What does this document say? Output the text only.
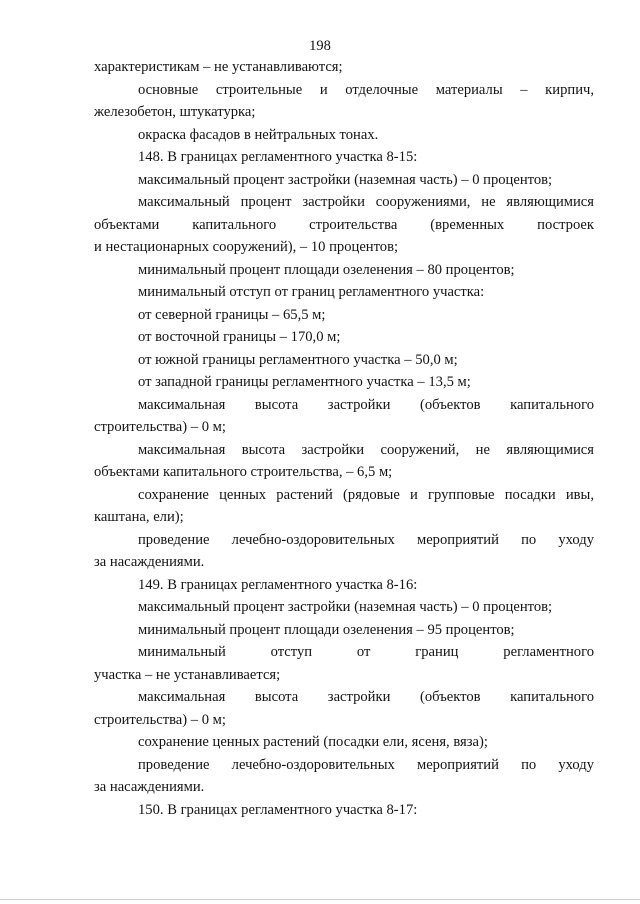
198
характеристикам – не устанавливаются;
основные строительные и отделочные материалы – кирпич,
железобетон, штукатурка;
окраска фасадов в нейтральных тонах.
148. В границах регламентного участка 8-15:
максимальный процент застройки (наземная часть) – 0 процентов;
максимальный процент застройки сооружениями, не являющимися
объектами капитального строительства (временных построек
и нестационарных сооружений), – 10 процентов;
минимальный процент площади озеленения – 80 процентов;
минимальный отступ от границ регламентного участка:
от северной границы – 65,5 м;
от восточной границы – 170,0 м;
от южной границы регламентного участка – 50,0 м;
от западной границы регламентного участка – 13,5 м;
максимальная высота застройки (объектов капитального
строительства) – 0 м;
максимальная высота застройки сооружений, не являющимися
объектами капитального строительства, – 6,5 м;
сохранение ценных растений (рядовые и групповые посадки ивы,
каштана, ели);
проведение лечебно-оздоровительных мероприятий по уходу
за насаждениями.
149. В границах регламентного участка 8-16:
максимальный процент застройки (наземная часть) – 0 процентов;
минимальный процент площади озеленения – 95 процентов;
минимальный отступ от границ регламентного
участка – не устанавливается;
максимальная высота застройки (объектов капитального
строительства) – 0 м;
сохранение ценных растений (посадки ели, ясеня, вяза);
проведение лечебно-оздоровительных мероприятий по уходу
за насаждениями.
150. В границах регламентного участка 8-17:
